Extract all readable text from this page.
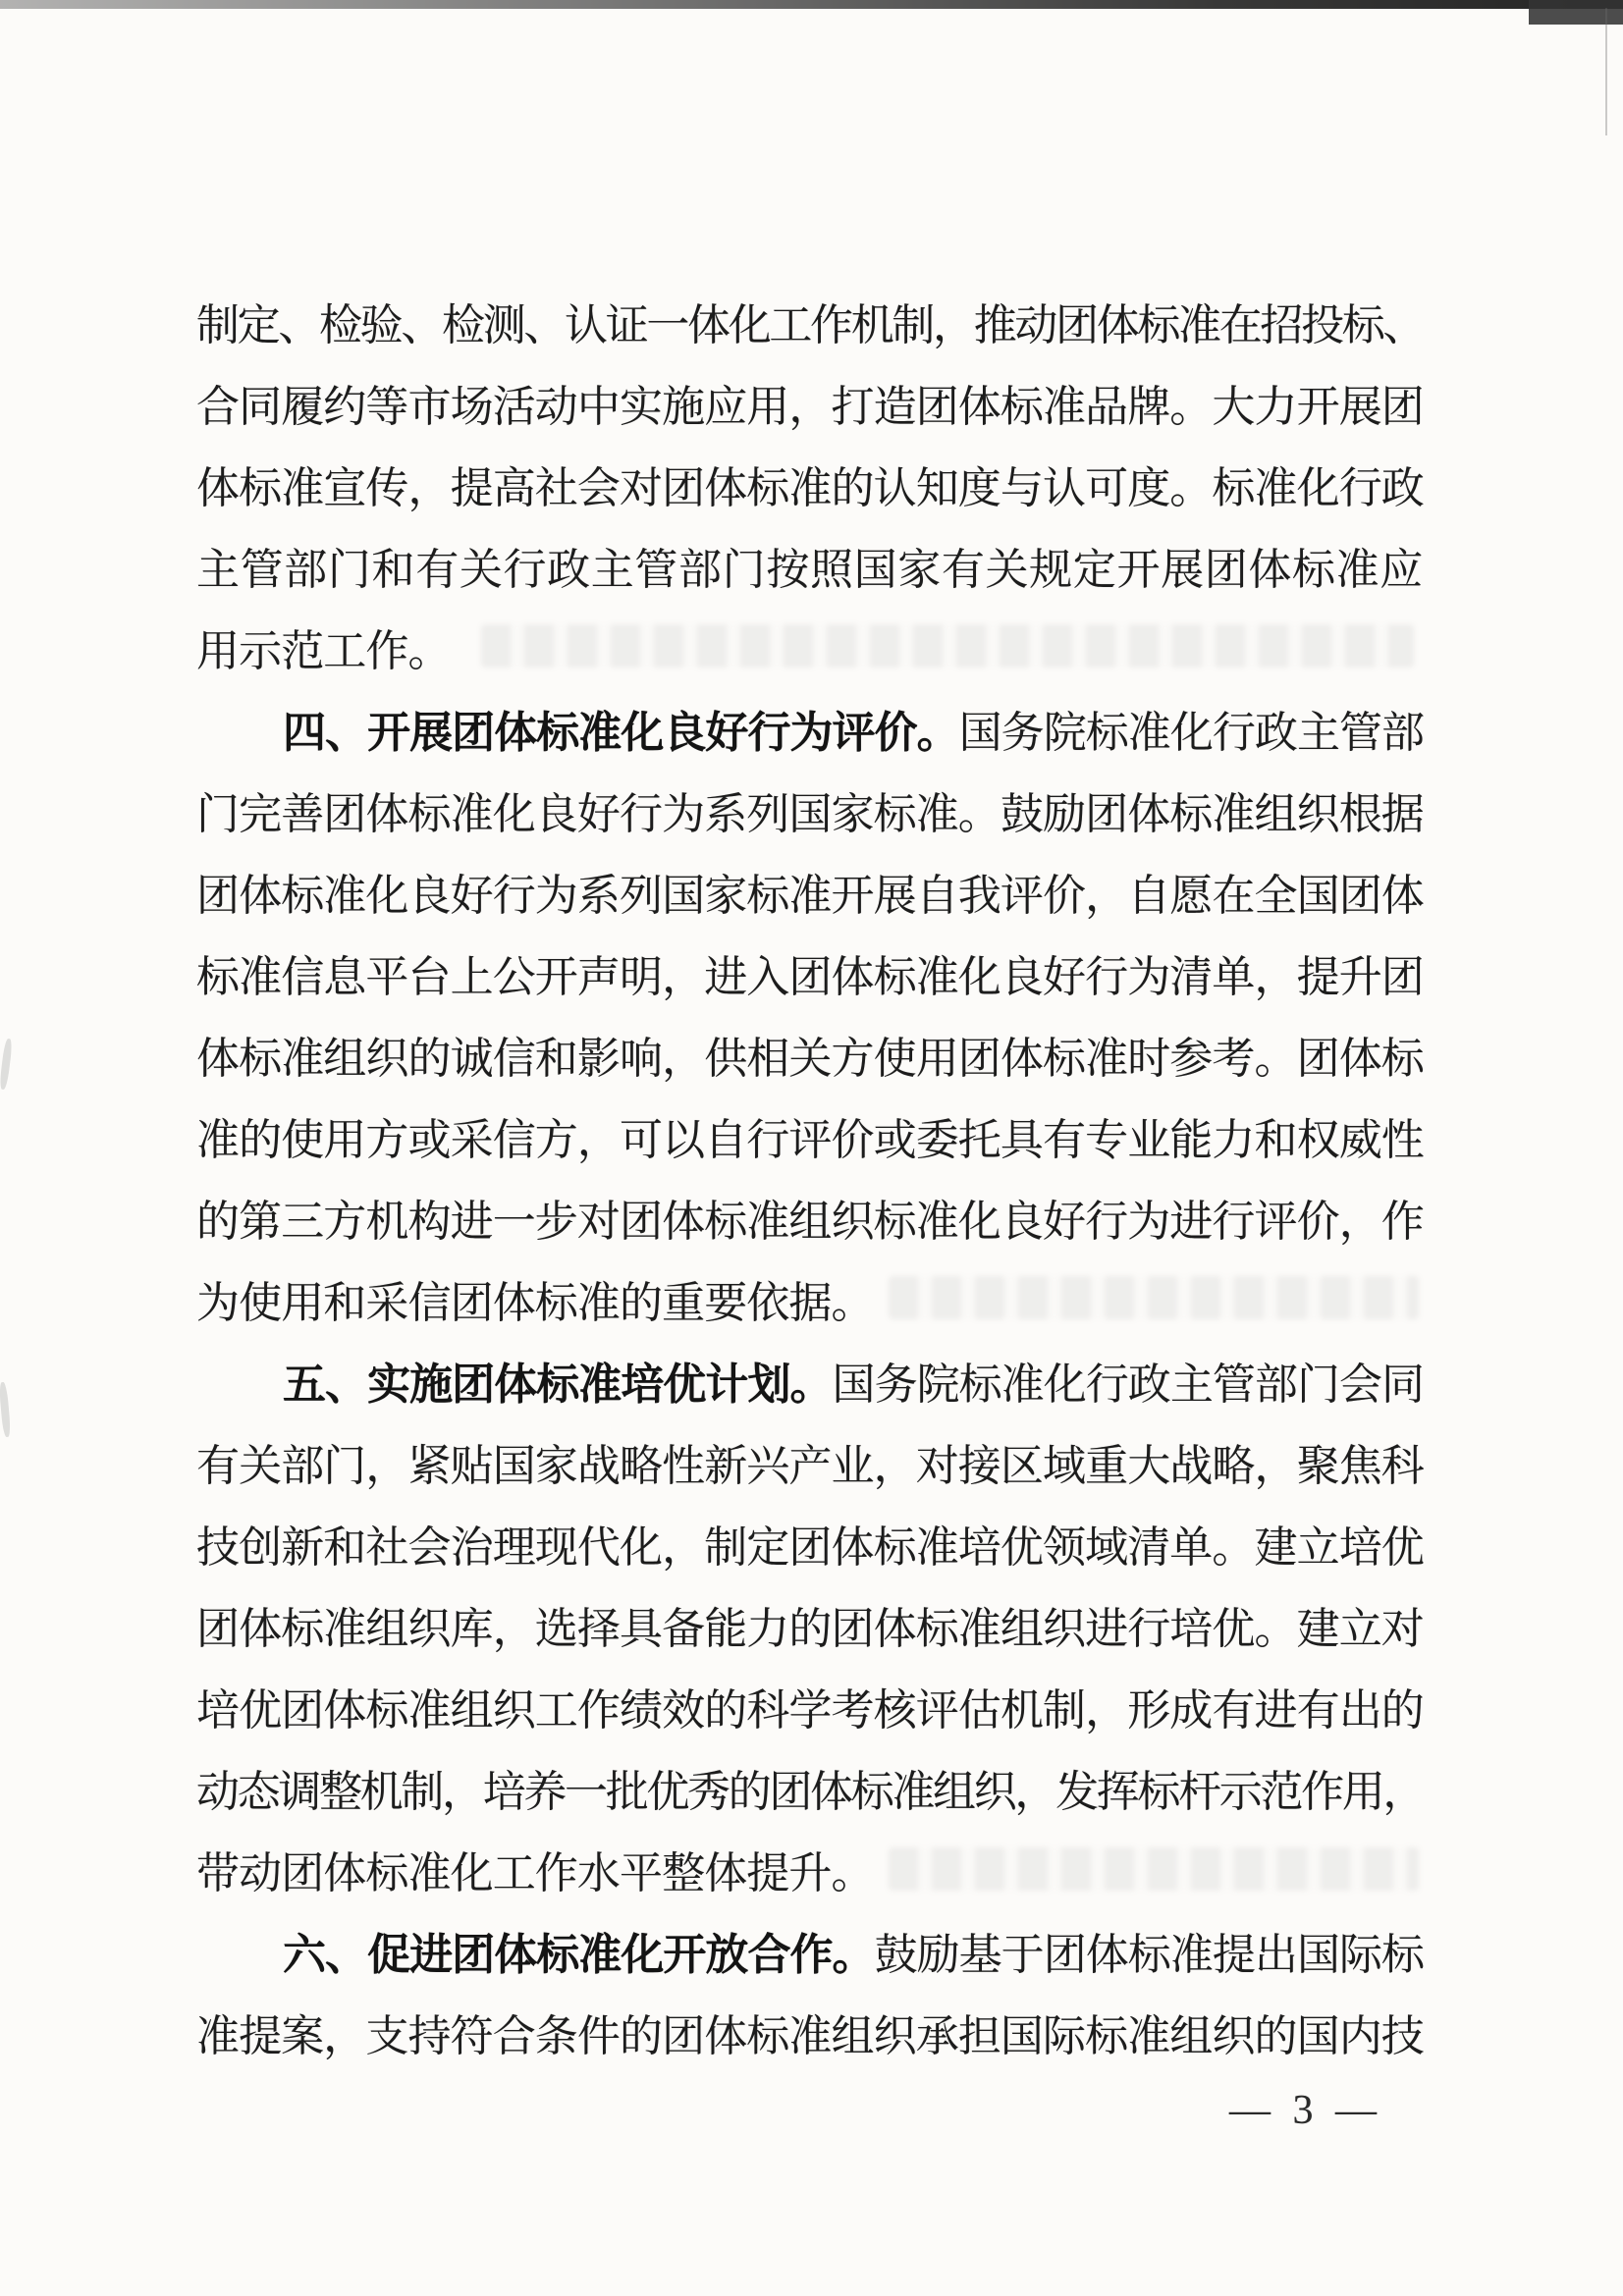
制定、检验、检测、认证一体化工作机制，推动团体标准在招投标、
合同履约等市场活动中实施应用，打造团体标准品牌。大力开展团
体标准宣传，提高社会对团体标准的认知度与认可度。标准化行政
主管部门和有关行政主管部门按照国家有关规定开展团体标准应
用示范工作。
四、开展团体标准化良好行为评价。国务院标准化行政主管部
门完善团体标准化良好行为系列国家标准。鼓励团体标准组织根据
团体标准化良好行为系列国家标准开展自我评价，自愿在全国团体
标准信息平台上公开声明，进入团体标准化良好行为清单，提升团
体标准组织的诚信和影响，供相关方使用团体标准时参考。团体标
准的使用方或采信方，可以自行评价或委托具有专业能力和权威性
的第三方机构进一步对团体标准组织标准化良好行为进行评价，作
为使用和采信团体标准的重要依据。
五、实施团体标准培优计划。国务院标准化行政主管部门会同
有关部门，紧贴国家战略性新兴产业，对接区域重大战略，聚焦科
技创新和社会治理现代化，制定团体标准培优领域清单。建立培优
团体标准组织库，选择具备能力的团体标准组织进行培优。建立对
培优团体标准组织工作绩效的科学考核评估机制，形成有进有出的
动态调整机制，培养一批优秀的团体标准组织，发挥标杆示范作用，
带动团体标准化工作水平整体提升。
六、促进团体标准化开放合作。鼓励基于团体标准提出国际标
准提案，支持符合条件的团体标准组织承担国际标准组织的国内技
— 3 —
